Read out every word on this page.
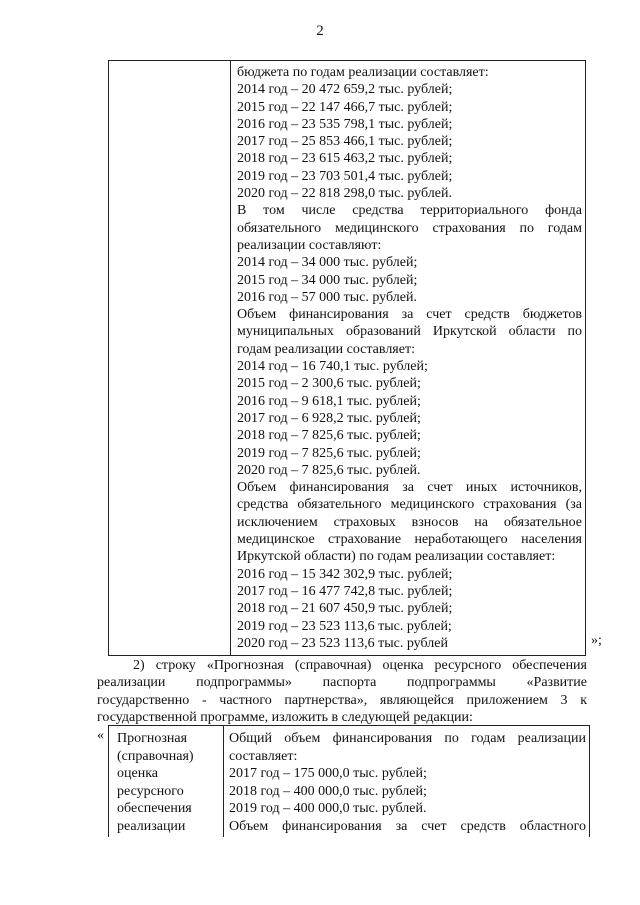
2
бюджета по годам реализации составляет:
2014 год – 20 472 659,2 тыс. рублей;
2015 год – 22 147 466,7 тыс. рублей;
2016 год – 23 535 798,1 тыс. рублей;
2017 год – 25 853 466,1 тыс. рублей;
2018 год – 23 615 463,2 тыс. рублей;
2019 год – 23 703 501,4 тыс. рублей;
2020 год – 22 818 298,0 тыс. рублей.
В том числе средства территориального фонда
обязательного медицинского страхования по годам
реализации составляют:
2014 год – 34 000 тыс. рублей;
2015 год – 34 000 тыс. рублей;
2016 год – 57 000 тыс. рублей.
Объем финансирования за счет средств бюджетов
муниципальных образований Иркутской области по
годам реализации составляет:
2014 год – 16 740,1 тыс. рублей;
2015 год – 2 300,6 тыс. рублей;
2016 год – 9 618,1 тыс. рублей;
2017 год – 6 928,2 тыс. рублей;
2018 год – 7 825,6 тыс. рублей;
2019 год – 7 825,6 тыс. рублей;
2020 год – 7 825,6 тыс. рублей.
Объем финансирования за счет иных источников,
средства обязательного медицинского страхования (за
исключением страховых взносов на обязательное
медицинское страхование неработающего населения
Иркутской области) по годам реализации составляет:
2016 год – 15 342 302,9 тыс. рублей;
2017 год – 16 477 742,8 тыс. рублей;
2018 год – 21 607 450,9 тыс. рублей;
2019 год – 23 523 113,6 тыс. рублей;
2020 год – 23 523 113,6 тыс. рублей	»;
2) строку «Прогнозная (справочная) оценка ресурсного обеспечения
реализации подпрограммы» паспорта подпрограммы «Развитие
государственно - частного партнерства», являющейся приложением 3 к
государственной программе, изложить в следующей редакции:
« Прогнозная
(справочная)
оценка
ресурсного
обеспечения
реализации
Общий объем финансирования по годам реализации
составляет:
2017 год – 175 000,0 тыс. рублей;
2018 год – 400 000,0 тыс. рублей;
2019 год – 400 000,0 тыс. рублей.
Объем финансирования за счет средств областного
